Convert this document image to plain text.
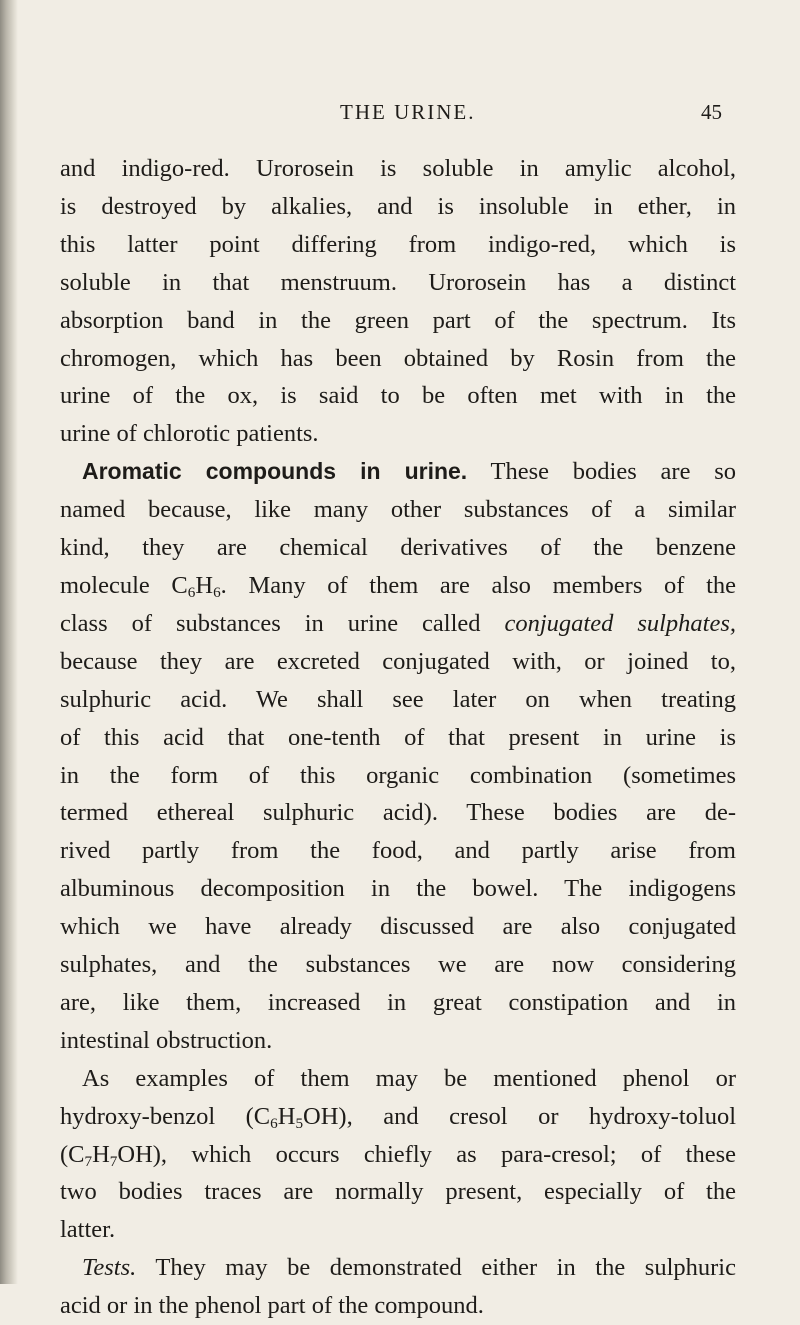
THE URINE.	45

and indigo-red. Urorosein is soluble in amylic alcohol,
is destroyed by alkalies, and is insoluble in ether, in
this latter point differing from indigo-red, which is
soluble in that menstruum. Urorosein has a distinct
absorption band in the green part of the spectrum. Its
chromogen, which has been obtained by Rosin from the
urine of the ox, is said to be often met with in the
urine of chlorotic patients.

Aromatic compounds in urine. These bodies are so
named because, like many other substances of a similar
kind, they are chemical derivatives of the benzene
molecule $C_6H_6$. Many of them are also members of the
class of substances in urine called conjugated sulphates,
because they are excreted conjugated with, or joined to,
sulphuric acid. We shall see later on when treating
of this acid that one-tenth of that present in urine is
in the form of this organic combination (sometimes
termed ethereal sulphuric acid). These bodies are de-
rived partly from the food, and partly arise from
albuminous decomposition in the bowel. The indigogens
which we have already discussed are also conjugated
sulphates, and the substances we are now considering
are, like them, increased in great constipation and in
intestinal obstruction.

As examples of them may be mentioned phenol or
hydroxy-benzol $(C_6H_5OH)$, and cresol or hydroxy-toluol
$(C_7H_7OH)$, which occurs chiefly as para-cresol; of these
two bodies traces are normally present, especially of the
latter.

Tests. They may be demonstrated either in the sulphuric
acid or in the phenol part of the compound.
